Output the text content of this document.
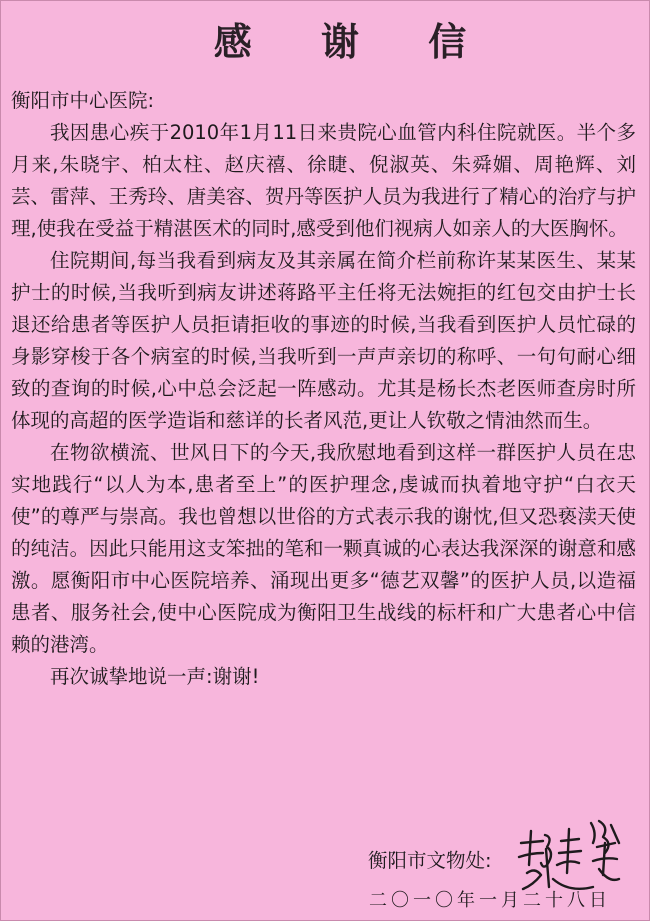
感 谢 信

衡阳市中心医院:

我因患心疾于2010年1月11日来贵院心血管内科住院就医。半个多月来,朱晓宇、柏太柱、赵庆禧、徐睫、倪淑英、朱舜媚、周艳辉、刘芸、雷萍、王秀玲、唐美容、贺丹等医护人员为我进行了精心的治疗与护理,使我在受益于精湛医术的同时,感受到他们视病人如亲人的大医胸怀。

住院期间,每当我看到病友及其亲属在简介栏前称许某某医生、某某护士的时候,当我听到病友讲述蒋路平主任将无法婉拒的红包交由护士长退还给患者等医护人员拒请拒收的事迹的时候,当我看到医护人员忙碌的身影穿梭于各个病室的时候,当我听到一声声亲切的称呼、一句句耐心细致的查询的时候,心中总会泛起一阵感动。尤其是杨长杰老医师查房时所体现的高超的医学造诣和慈详的长者风范,更让人钦敬之情油然而生。

在物欲横流、世风日下的今天,我欣慰地看到这样一群医护人员在忠实地践行“以人为本,患者至上”的医护理念,虔诚而执着地守护“白衣天使”的尊严与崇高。我也曾想以世俗的方式表示我的谢忱,但又恐亵渎天使的纯洁。因此只能用这支笨拙的笔和一颗真诚的心表达我深深的谢意和感激。愿衡阳市中心医院培养、涌现出更多“德艺双馨”的医护人员,以造福患者、服务社会,使中心医院成为衡阳卫生战线的标杆和广大患者心中信赖的港湾。

再次诚挚地说一声:谢谢!

衡阳市文物处:
二〇一〇年一月二十八日
